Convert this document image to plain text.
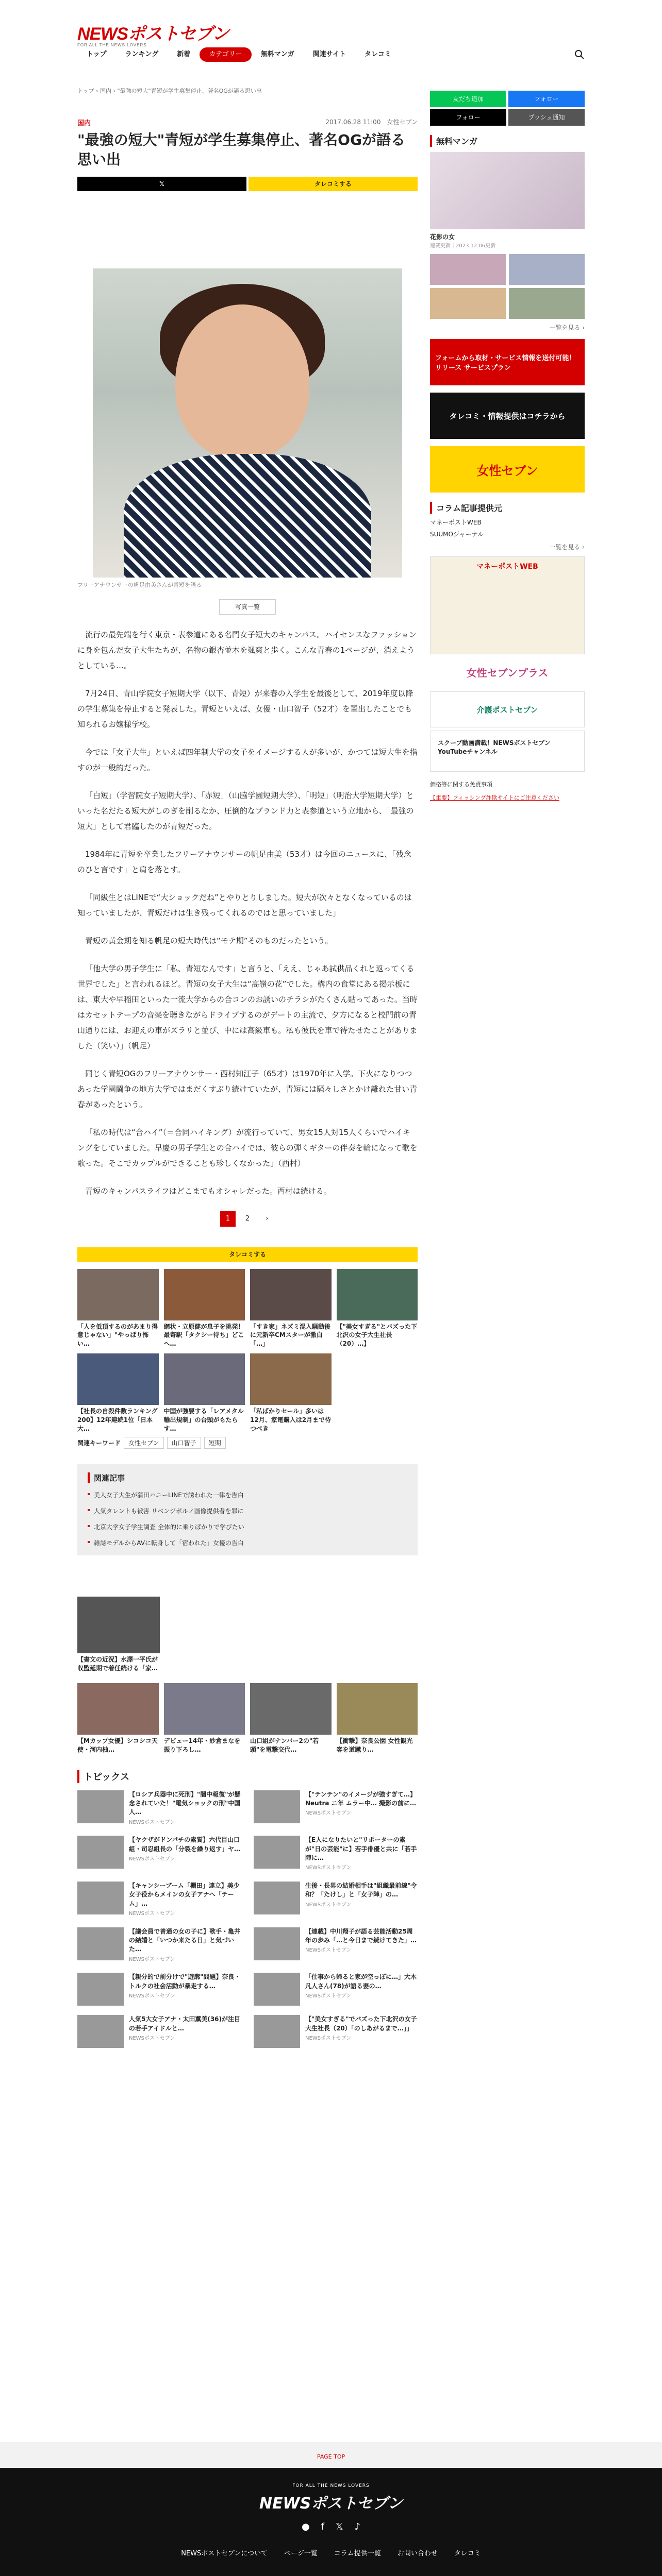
NEWSポストセブン
FOR ALL THE NEWS LOVERS
トップ	ランキング	新着	カテゴリー	無料マンガ	関連サイト	タレコミ
トップ › 国内 › "最強の短大"青短が学生募集停止、著名OGが語る思い出
国内	2017.06.28 11:00　 女性セブン
"最強の短大"青短が学生募集停止、著名OGが語る思い出
𝕏	タレコミする
フリーアナウンサーの帆足由美さんが青短を語る
写真一覧

流行の最先端を行く東京・表参道にある名門女子短大のキャンパス。ハイセンスなファッションに身を包んだ女子大生たちが、名物の銀杏並木を颯爽と歩く。こんな青春の1ページが、消えようとしている…。

7月24日、青山学院女子短期大学（以下、青短）が来春の入学生を最後として、2019年度以降の学生募集を停止すると発表した。青短といえば、女優・山口智子（52才）を輩出したことでも知られるお嬢様学校。

今では「女子大生」といえば四年制大学の女子をイメージする人が多いが、かつては短大生を指すのが一般的だった。

「白短」（学習院女子短期大学）、「赤短」（山脇学園短期大学）、「明短」（明治大学短期大学）といった名だたる短大がしのぎを削るなか、圧倒的なブランド力と表参道という立地から、「最強の短大」として君臨したのが青短だった。

1984年に青短を卒業したフリーアナウンサーの帆足由美（53才）は今回のニュースに、「残念のひと言です」と肩を落とす。

「同級生とはLINEで“大ショックだね”とやりとりしました。短大が次々となくなっているのは知っていましたが、青短だけは生き残ってくれるのではと思っていました」

青短の黄金期を知る帆足の短大時代は“モテ期”そのものだったという。

「他大学の男子学生に「私、青短なんです」と言うと、「ええ、じゃあ試供品くれと返ってくる世界でした」と言われるほど。青短の女子大生は“高嶺の花”でした。構内の食堂にある掲示板には、東大や早稲田といった一流大学からの合コンのお誘いのチラシがたくさん貼ってあった。当時はカセットテープの音楽を聴きながらドライブするのがデートの主流で、夕方になると校門前の青山通りには、お迎えの車がズラリと並び、中には高級車も。私も彼氏を車で待たせたことがありました（笑い）」（帆足）

同じく青短OGのフリーアナウンサー・西村知江子（65才）は1970年に入学。下火になりつつあった学園闘争の地方大学ではまだくすぶり続けていたが、青短には騒々しさとかけ離れた甘い青春があったという。

「私の時代は“合ハイ”（＝合同ハイキング）が流行っていて、男女15人対15人くらいでハイキングをしていました。早慶の男子学生との合ハイでは、彼らの弾くギターの伴奏を輪になって歌を歌った。そこでカップルができることも珍しくなかった」（西村）

青短のキャンパスライフはどこまでもオシャレだった。西村は続ける。

1	2	›
タレコミする
「人を低頂するのがあまり得意じゃない」"やっぱり怖い…
網状・立原健が息子を挑発！最寄駅「タクシー待ち」どこへ…
「すき家」ネズミ混入騒動後に元新卒CMスターが激白「…」
【"美女すぎる"とバズった下北沢の女子大生社長（20）…】
【社長の自殺件数ランキング200】12年連続1位「日本大…
中国が強要する「レアメタル輸出規制」の台頭がもたらす…
「私ばかりセール」多いは12月、家電購入は2月まで待つべき
関連キーワード	女性セブン	山口智子	短期
関連記事
美人女子大生が蒲田ハニーLINEで誘われた一律を告白
人気タレントも被害 リベンジポルノ画像提供者を罪に
北京大学女子学生調査 全体的に乗りばかりで学びたい
雑誌モデルからAVに転身して「宿われた」女優の告白
【書文の近況】水澤一平氏が収監延期で着任続ける「家…
【Mカップ女優】シコシコ天使・河内柚…
デビュー14年・紗倉まなを振り下ろし…
山口組がナンバー2の"若頭"を電撃交代…
【衝撃】奈良公園 女性観光客を道蹴り…
トピックス
【ロシア兵器中に死刑】"闇中報復"が懸念されていた！"電気ショックの刑"中国人…
NEWSポストセブン
【"テンテン"のイメージが強すぎて…】Neutra ニ年 ムラー中… 撮影の前に…
NEWSポストセブン
【ヤクザがドンパチの素質】六代目山口組・司忍組長の「分裂を繰り返す」ヤ…
NEWSポストセブン
【E人になりたいと"リポーターの素が"日の芸能"に】若手俳優と共に「若手陣に…
NEWSポストセブン
【キャンシーブーム「棚田」連立】美少女子役からメインの女子アナへ「テーム」…
NEWSポストセブン
生後・長男の結婚相手は"組織最前線"令和？「たけし」と「女子陣」の…
NEWSポストセブン
【議会員で普通の女の子に】歌手・亀井の結婚と「いつか来たる日」と気づいた…
NEWSポストセブン
【連載】中川翔子が語る芸能活動25周年の歩み「…と今日まで続けてきた」…
NEWSポストセブン
【親分的で前分けで"遊廓"問題】奈良・トルクの社会活動が暴走する…
NEWSポストセブン
「仕事から帰ると家が空っぽに…」大木凡人さん(78)が語る妻の…
NEWSポストセブン
人気5大女子アナ・太田薫美(36)が注目の若手アイドルと…
NEWSポストセブン
【"美女すぎる"でバズった下北沢の女子大生社長（20）「のしあがるまで…」」
NEWSポストセブン
友だち追加	フォロー
フォロー	プッシュ通知
無料マンガ
花影の女
連載更新｜2023.12.06更新
一覧を見る ›
フォームから取材・サービス情報を送付可能！リリース サービスプラン
タレコミ・情報提供はコチラから
女性セブン
コラム記事提供元
マネーポストWEB
SUUMOジャーナル
一覧を見る ›
マネーポストWEB
女性セブンプラス
介護ポストセブン
スクープ動画満載！NEWSポストセブン YouTubeチャンネル
価格等に関する免責事項
【重要】フィッシング詐欺サイトにご注意ください
PAGE TOP
FOR ALL THE NEWS LOVERS
NEWSポストセブン
● f 𝕏 ♪
NEWSポストセブンについて ページ一覧 コラム提供一覧 お問い合わせ タレコミ
